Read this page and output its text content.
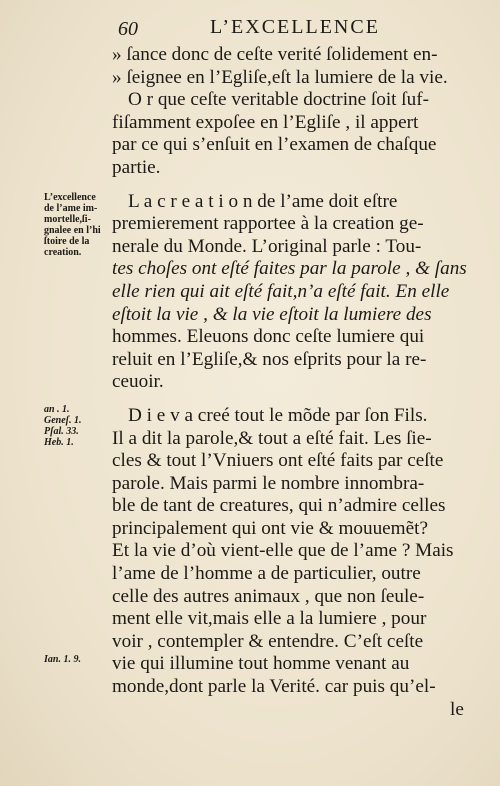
60	L’EXCELLENCE
» ſance donc de ceſte verité ſolidement en-
» ſeignee en l’Egliſe,eſt la lumiere de la vie.
O r que ceſte veritable doctrine ſoit ſuf-
fiſamment expoſee en l’Egliſe , il appert
par ce qui s’enſuit en l’examen de chaſque
partie.
L a c r e a t i o n de l’ame doit eſtre
premierement rapportee à la creation ge-
nerale du Monde. L’original parle : Tou-
tes choſes ont eſté faites par la parole , & ſans
elle rien qui ait eſté fait,n’a eſté fait. En elle
eſtoit la vie , & la vie eſtoit la lumiere des
hommes. Eleuons donc ceſte lumiere qui
reluit en l’Egliſe,& nos eſprits pour la re-
ceuoir.
D i e v a creé tout le mõde par ſon Fils.
Il a dit la parole,& tout a eſté fait. Les ſie-
cles & tout l’Vniuers ont eſté faits par ceſte
parole. Mais parmi le nombre innombra-
ble de tant de creatures, qui n’admire celles
principalement qui ont vie & mouuemẽt?
Et la vie d’où vient-elle que de l’ame ? Mais
l’ame de l’homme a de particulier, outre
celle des autres animaux , que non ſeule-
ment elle vit,mais elle a la lumiere , pour
voir , contempler & entendre. C’eſt ceſte
vie qui illumine tout homme venant au
monde,dont parle la Verité. car puis qu’el-
le
L’excellence
de l’ame im-
mortelle,ſi-
gnalee en l’hi
ſtoire de la
creation.
an . 1.
Geneſ. 1.
Pſal. 33.
Heb. 1.
Ian. 1. 9.
